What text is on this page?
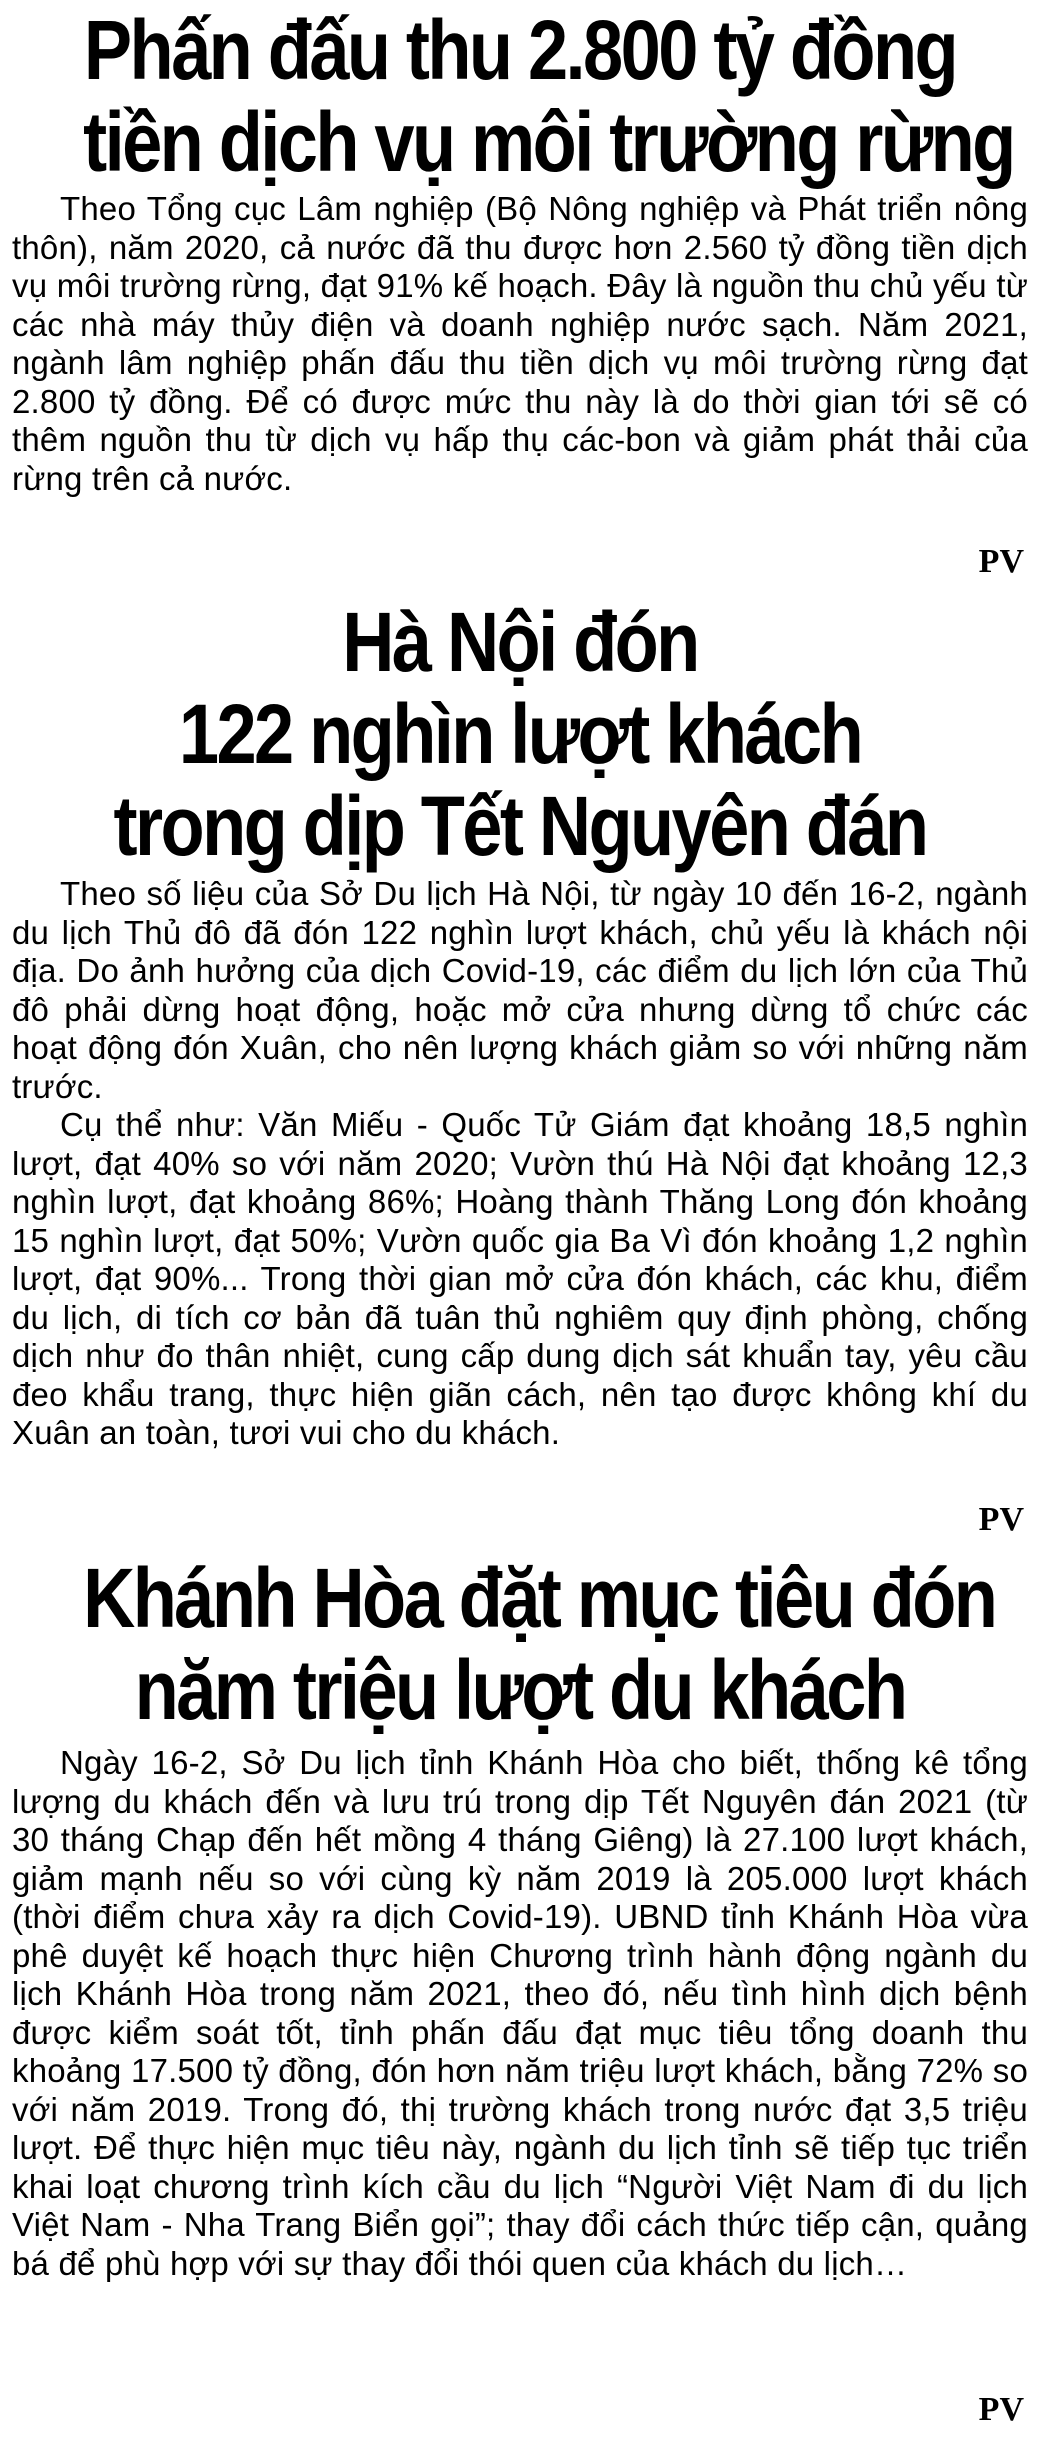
Phấn đấu thu 2.800 tỷ đồng
tiền dịch vụ môi trường rừng
Theo Tổng cục Lâm nghiệp (Bộ Nông nghiệp và Phát triển nông thôn), năm 2020, cả nước đã thu được hơn 2.560 tỷ đồng tiền dịch vụ môi trường rừng, đạt 91% kế hoạch. Đây là nguồn thu chủ yếu từ các nhà máy thủy điện và doanh nghiệp nước sạch. Năm 2021, ngành lâm nghiệp phấn đấu thu tiền dịch vụ môi trường rừng đạt 2.800 tỷ đồng. Để có được mức thu này là do thời gian tới sẽ có thêm nguồn thu từ dịch vụ hấp thụ các-bon và giảm phát thải của rừng trên cả nước.

PV

Hà Nội đón
122 nghìn lượt khách
trong dịp Tết Nguyên đán
Theo số liệu của Sở Du lịch Hà Nội, từ ngày 10 đến 16-2, ngành du lịch Thủ đô đã đón 122 nghìn lượt khách, chủ yếu là khách nội địa. Do ảnh hưởng của dịch Covid-19, các điểm du lịch lớn của Thủ đô phải dừng hoạt động, hoặc mở cửa nhưng dừng tổ chức các hoạt động đón Xuân, cho nên lượng khách giảm so với những năm trước.
Cụ thể như: Văn Miếu - Quốc Tử Giám đạt khoảng 18,5 nghìn lượt, đạt 40% so với năm 2020; Vườn thú Hà Nội đạt khoảng 12,3 nghìn lượt, đạt khoảng 86%; Hoàng thành Thăng Long đón khoảng 15 nghìn lượt, đạt 50%; Vườn quốc gia Ba Vì đón khoảng 1,2 nghìn lượt, đạt 90%... Trong thời gian mở cửa đón khách, các khu, điểm du lịch, di tích cơ bản đã tuân thủ nghiêm quy định phòng, chống dịch như đo thân nhiệt, cung cấp dung dịch sát khuẩn tay, yêu cầu đeo khẩu trang, thực hiện giãn cách, nên tạo được không khí du Xuân an toàn, tươi vui cho du khách.

PV

Khánh Hòa đặt mục tiêu đón
năm triệu lượt du khách
Ngày 16-2, Sở Du lịch tỉnh Khánh Hòa cho biết, thống kê tổng lượng du khách đến và lưu trú trong dịp Tết Nguyên đán 2021 (từ 30 tháng Chạp đến hết mồng 4 tháng Giêng) là 27.100 lượt khách, giảm mạnh nếu so với cùng kỳ năm 2019 là 205.000 lượt khách (thời điểm chưa xảy ra dịch Covid-19). UBND tỉnh Khánh Hòa vừa phê duyệt kế hoạch thực hiện Chương trình hành động ngành du lịch Khánh Hòa trong năm 2021, theo đó, nếu tình hình dịch bệnh được kiểm soát tốt, tỉnh phấn đấu đạt mục tiêu tổng doanh thu khoảng 17.500 tỷ đồng, đón hơn năm triệu lượt khách, bằng 72% so với năm 2019. Trong đó, thị trường khách trong nước đạt 3,5 triệu lượt. Để thực hiện mục tiêu này, ngành du lịch tỉnh sẽ tiếp tục triển khai loạt chương trình kích cầu du lịch “Người Việt Nam đi du lịch Việt Nam - Nha Trang Biển gọi”; thay đổi cách thức tiếp cận, quảng bá để phù hợp với sự thay đổi thói quen của khách du lịch…

PV
